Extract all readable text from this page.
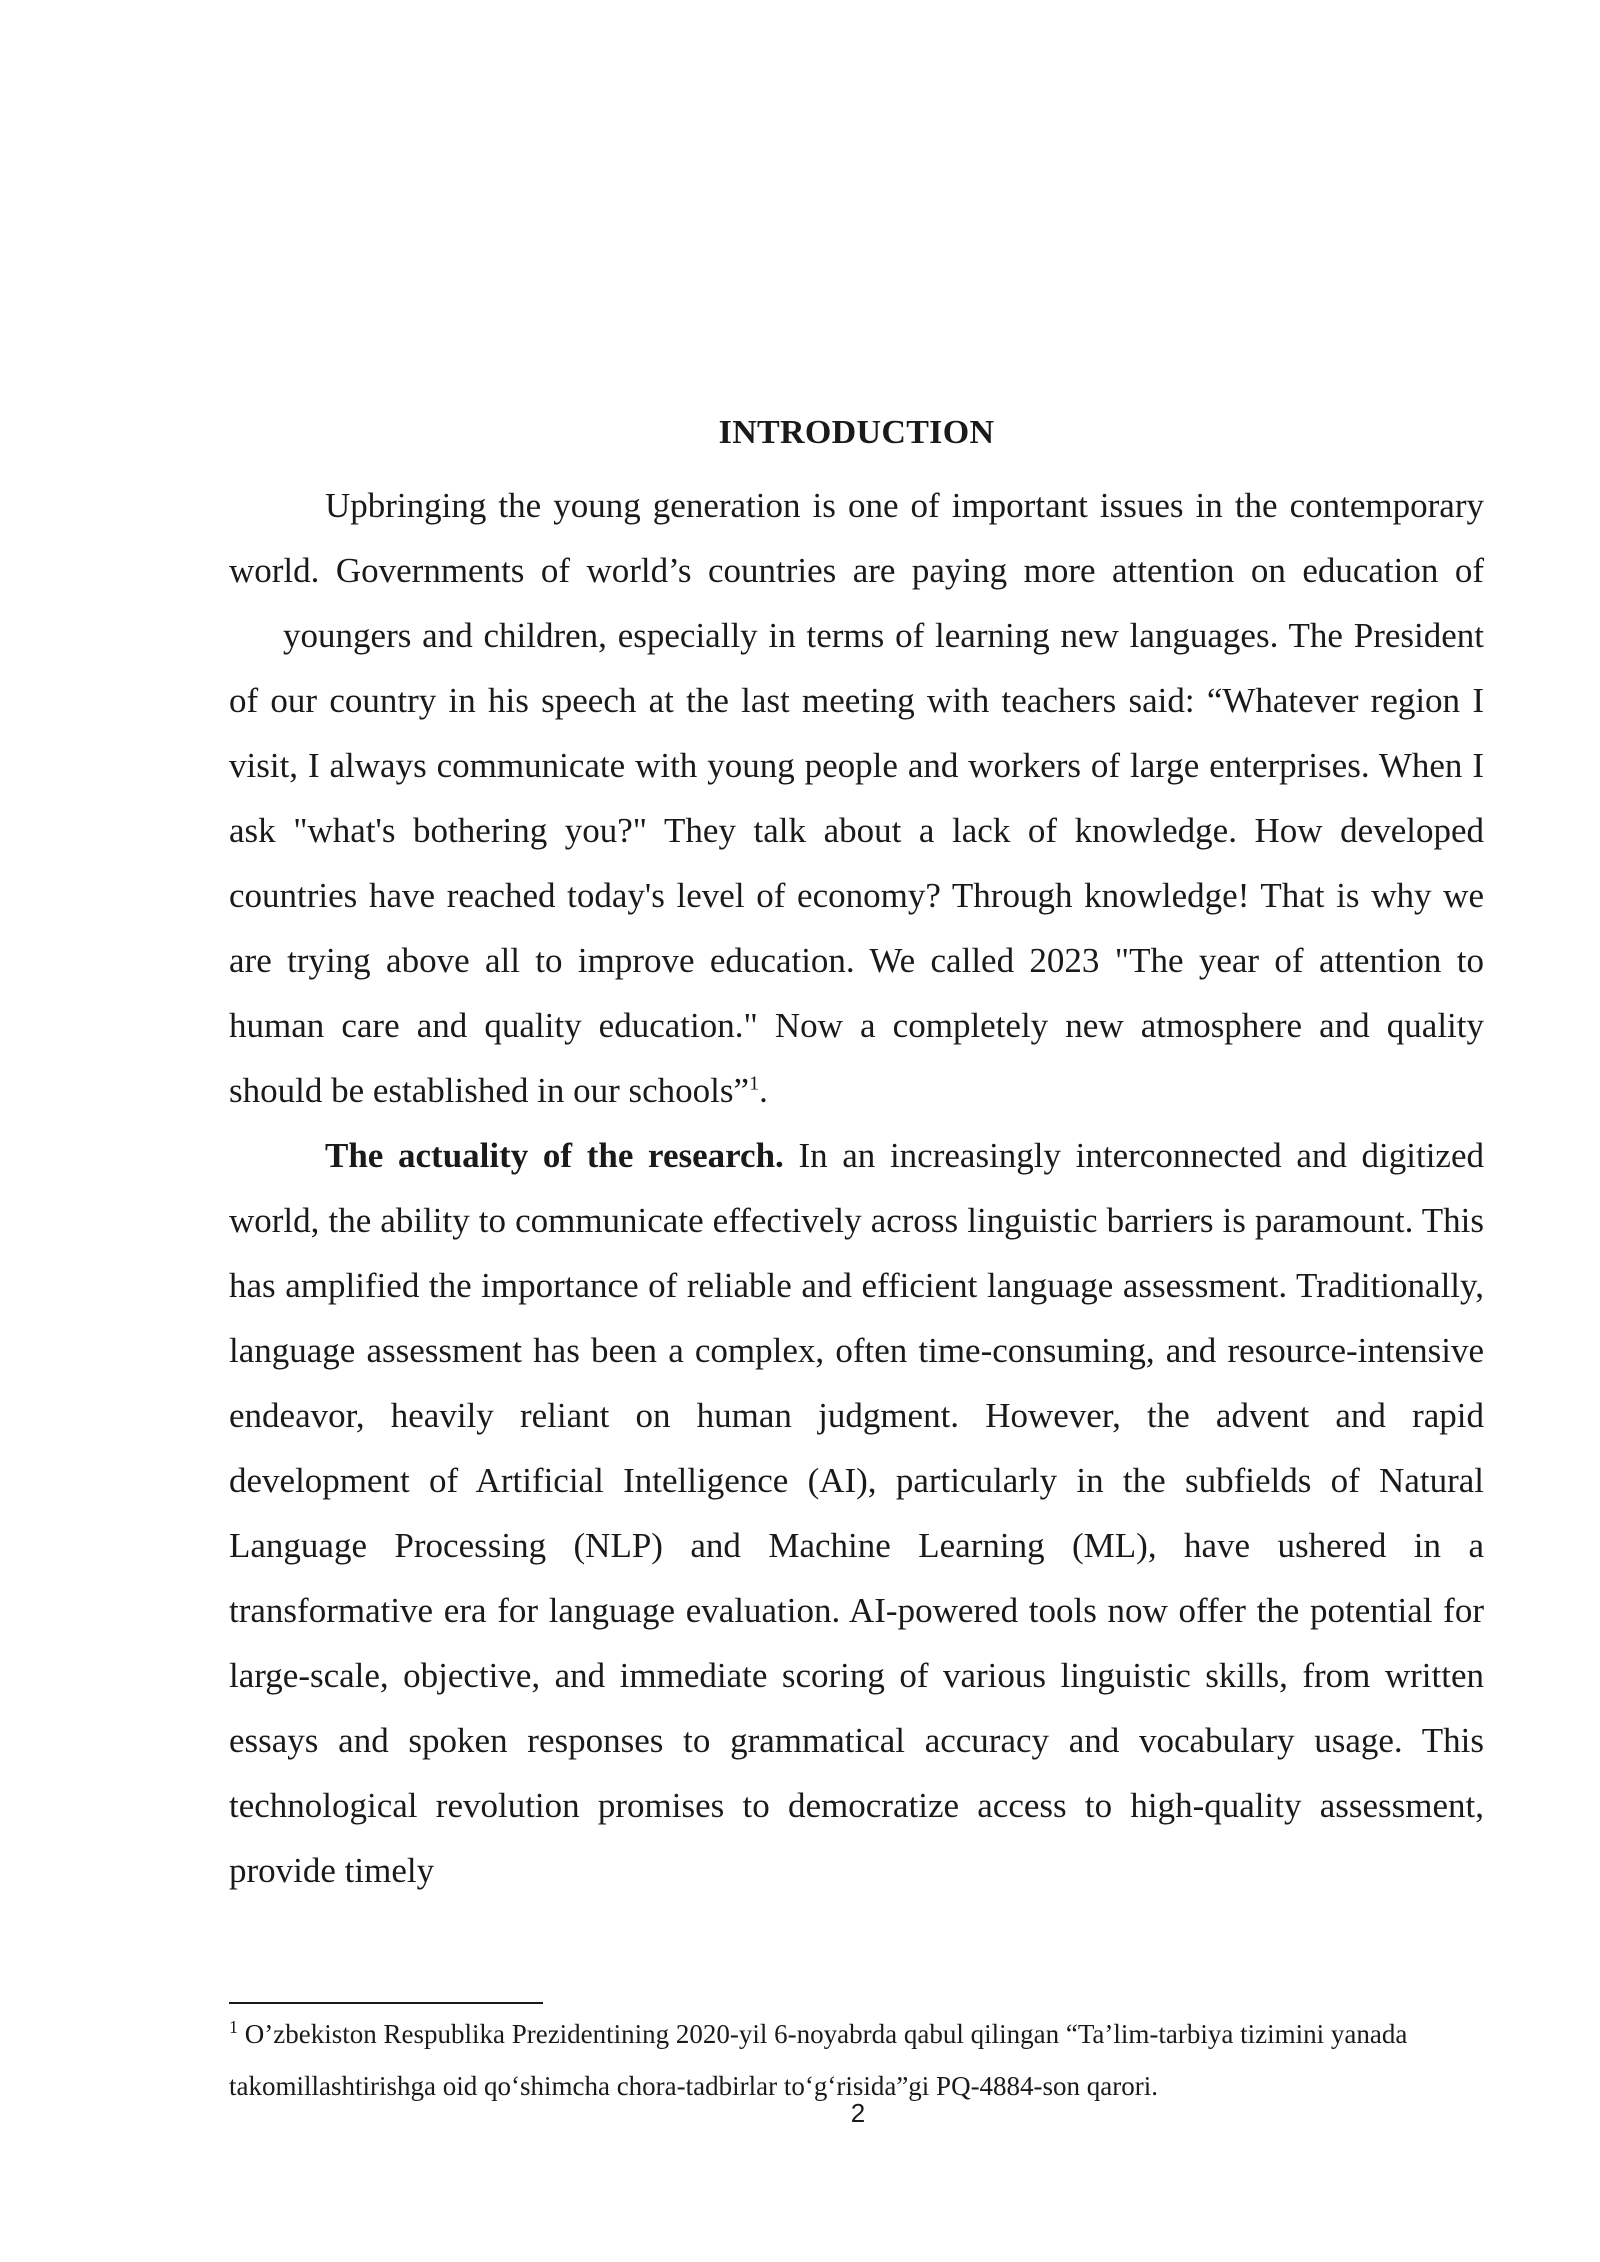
INTRODUCTION

Upbringing the young generation is one of important issues in the contemporary world. Governments of world’s countries are paying more attention on education of      youngers and children, especially in terms of learning new languages. The President of our country in his speech at the last meeting with teachers said: “Whatever region I visit, I always communicate with young people and workers of large enterprises. When I ask "what's bothering you?" They talk about a lack of knowledge. How developed countries have reached today's level of economy? Through knowledge! That is why we are trying above all to improve education. We called 2023 "The year of attention to human care and quality education." Now a completely new atmosphere and quality should be established in our schools”$^1$.

The actuality of the research. In an increasingly interconnected and digitized world, the ability to communicate effectively across linguistic barriers is paramount. This has amplified the importance of reliable and efficient language assessment. Traditionally, language assessment has been a complex, often time-consuming, and resource-intensive endeavor, heavily reliant on human judgment. However, the advent and rapid development of Artificial Intelligence (AI), particularly in the subfields of Natural Language Processing (NLP) and Machine Learning (ML), have ushered in a transformative era for language evaluation. AI-powered tools now offer the potential for large-scale, objective, and immediate scoring of various linguistic skills, from written essays and spoken responses to grammatical accuracy and vocabulary usage. This technological revolution promises to democratize access to high-quality assessment, provide timely

$^1$ O’zbekiston Respublika Prezidentining 2020-yil 6-noyabrda qabul qilingan “Ta’lim-tarbiya tizimini yanada takomillashtirishga oid qo‘shimcha chora-tadbirlar to‘g‘risida”gi PQ-4884-son qarori.

2
